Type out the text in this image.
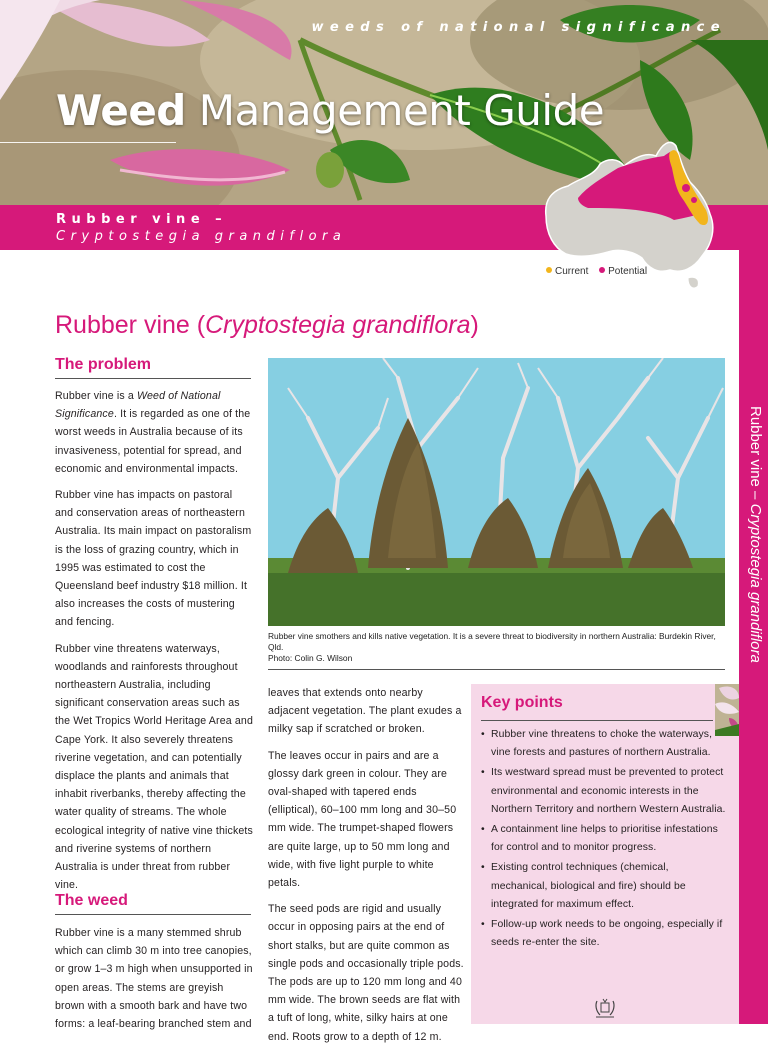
weeds of national significance
Weed Management Guide
Rubber vine –
Cryptostegia grandiflora
Current Potential
Rubber vine – Cryptostegia grandiflora
Rubber vine (Cryptostegia grandiflora)
The problem

Rubber vine is a Weed of National Significance. It is regarded as one of the worst weeds in Australia because of its invasiveness, potential for spread, and economic and environmental impacts.

Rubber vine has impacts on pastoral and conservation areas of northeastern Australia. Its main impact on pastoralism is the loss of grazing country, which in 1995 was estimated to cost the Queensland beef industry $18 million. It also increases the costs of mustering and fencing.

Rubber vine threatens waterways, woodlands and rainforests throughout northeastern Australia, including significant conservation areas such as the Wet Tropics World Heritage Area and Cape York. It also severely threatens riverine vegetation, and can potentially displace the plants and animals that inhabit riverbanks, thereby affecting the water quality of streams. The whole ecological integrity of native vine thickets and riverine systems of northern Australia is under threat from rubber vine.

The weed

Rubber vine is a many stemmed shrub which can climb 30 m into tree canopies, or grow 1–3 m high when unsupported in open areas. The stems are greyish brown with a smooth bark and have two forms: a leaf-bearing branched stem and

Rubber vine smothers and kills native vegetation. It is a severe threat to biodiversity in northern Australia: Burdekin River, Qld.
Photo: Colin G. Wilson

leaves that extends onto nearby adjacent vegetation. The plant exudes a milky sap if scratched or broken.

The leaves occur in pairs and are a glossy dark green in colour. They are oval-shaped with tapered ends (elliptical), 60–100 mm long and 30–50 mm wide. The trumpet-shaped flowers are quite large, up to 50 mm long and wide, with five light purple to white petals.

The seed pods are rigid and usually occur in opposing pairs at the end of short stalks, but are quite common as single pods and occasionally triple pods. The pods are up to 120 mm long and 40 mm wide. The brown seeds are flat with a tuft of long, white, silky hairs at one end. Roots grow to a depth of 12 m.

Key points
• Rubber vine threatens to choke the waterways, vine forests and pastures of northern Australia.
• Its westward spread must be prevented to protect environmental and economic interests in the Northern Territory and northern Western Australia.
• A containment line helps to prioritise infestations for control and to monitor progress.
• Existing control techniques (chemical, mechanical, biological and fire) should be integrated for maximum effect.
• Follow-up work needs to be ongoing, especially if seeds re-enter the site.
